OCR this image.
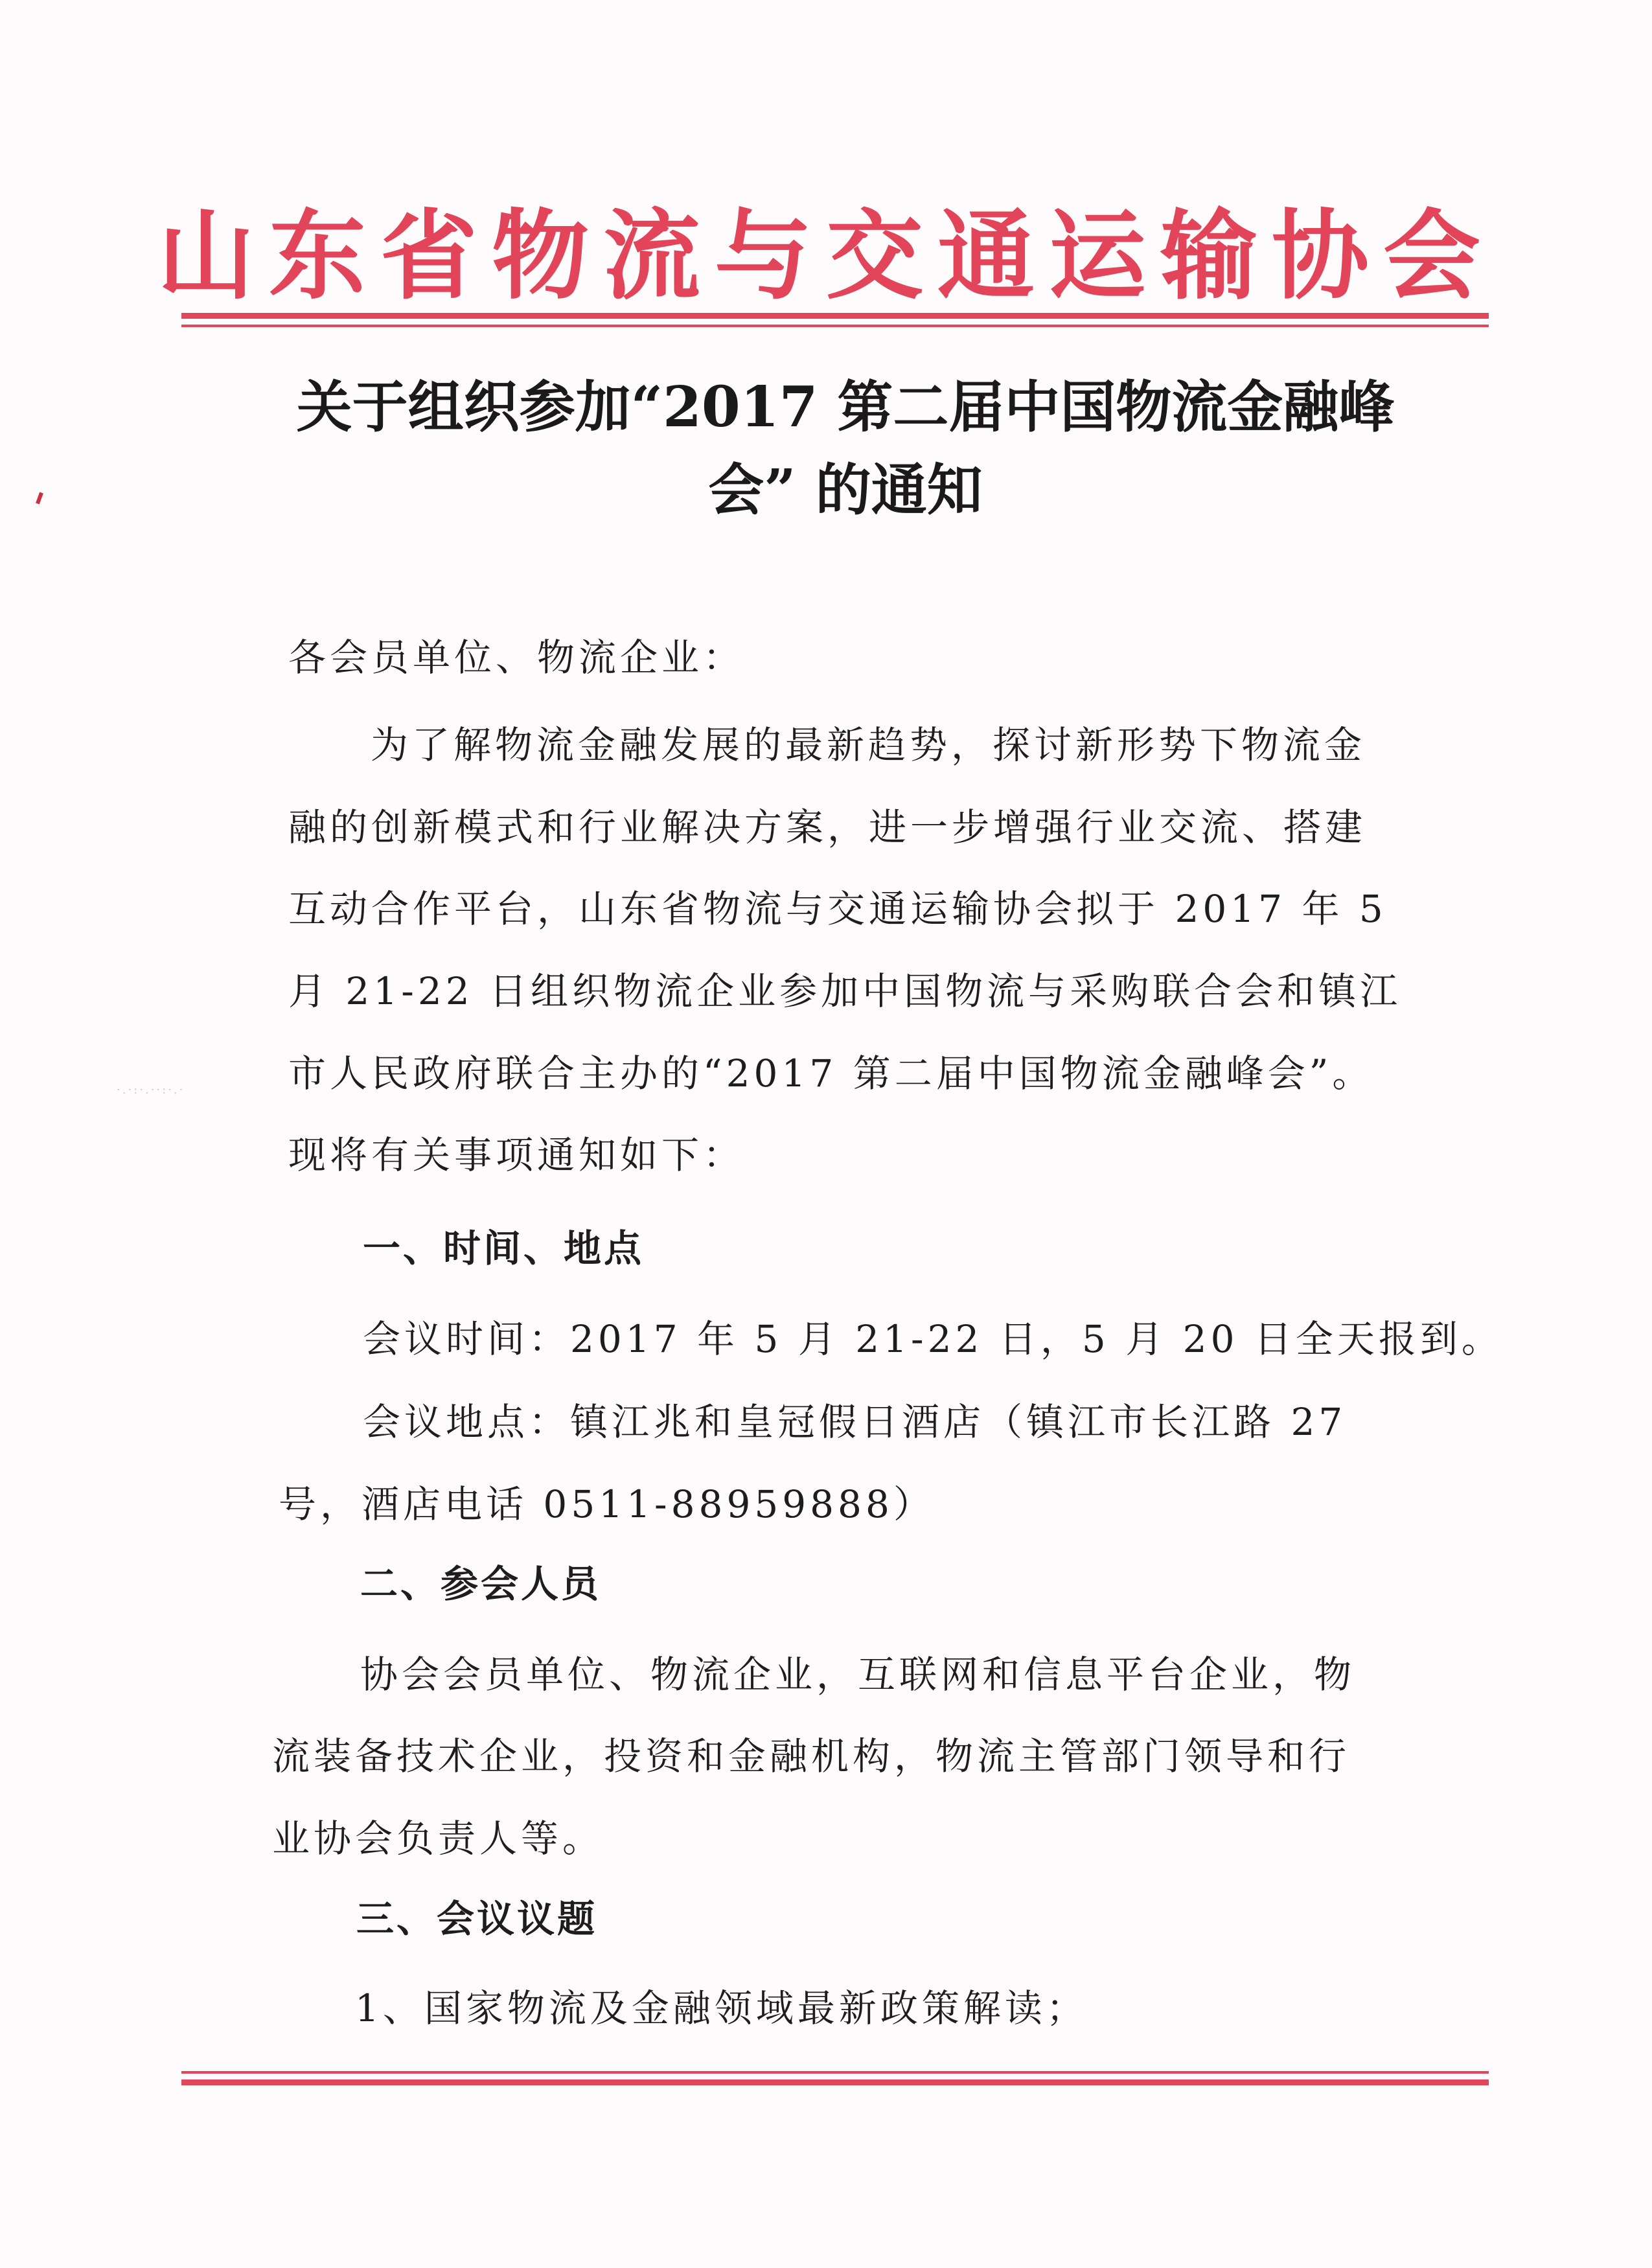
山东省物流与交通运输协会
关于组织参加“2017 第二届中国物流金融峰
会” 的通知
各会员单位、物流企业：
为了解物流金融发展的最新趋势，探讨新形势下物流金
融的创新模式和行业解决方案，进一步增强行业交流、搭建
互动合作平台，山东省物流与交通运输协会拟于 2017 年 5
月 21-22 日组织物流企业参加中国物流与采购联合会和镇江
市人民政府联合主办的“2017 第二届中国物流金融峰会”。
现将有关事项通知如下：
一、时间、地点
会议时间：2017 年 5 月 21-22 日，5 月 20 日全天报到。
会议地点：镇江兆和皇冠假日酒店（镇江市长江路 27
号，酒店电话 0511-88959888）
二、参会人员
协会会员单位、物流企业，互联网和信息平台企业，物
流装备技术企业，投资和金融机构，物流主管部门领导和行
业协会负责人等。
三、会议议题
1、国家物流及金融领域最新政策解读；
·.·:·.··:·.·
